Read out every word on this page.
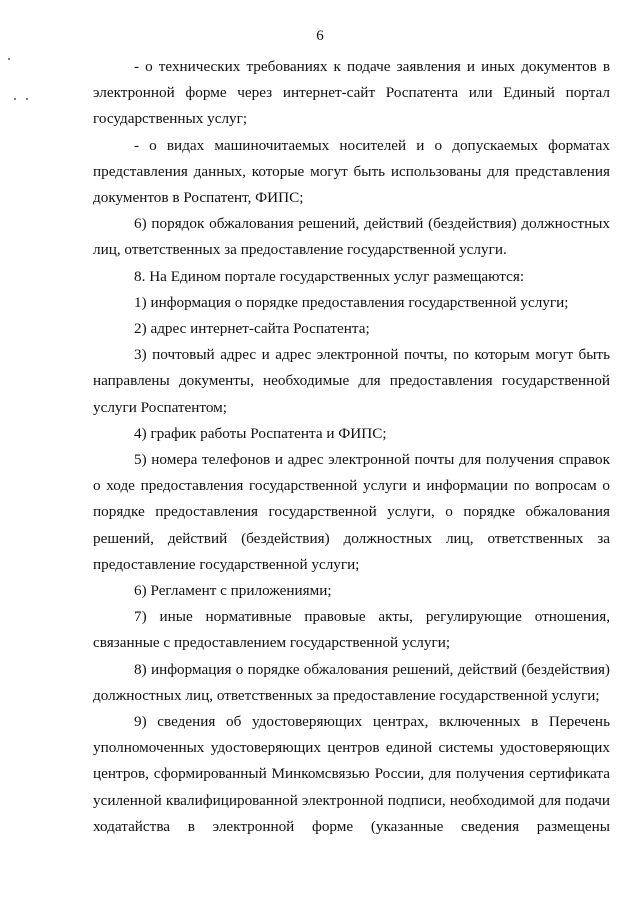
6

- о технических требованиях к подаче заявления и иных документов в электронной форме через интернет-сайт Роспатента или Единый портал государственных услуг;

- о видах машиночитаемых носителей и о допускаемых форматах представления данных, которые могут быть использованы для представления документов в Роспатент, ФИПС;

6) порядок обжалования решений, действий (бездействия) должностных лиц, ответственных за предоставление государственной услуги.

8. На Едином портале государственных услуг размещаются:

1) информация о порядке предоставления государственной услуги;

2) адрес интернет-сайта Роспатента;

3) почтовый адрес и адрес электронной почты, по которым могут быть направлены документы, необходимые для предоставления государственной услуги Роспатентом;

4) график работы Роспатента и ФИПС;

5) номера телефонов и адрес электронной почты для получения справок о ходе предоставления государственной услуги и информации по вопросам о порядке предоставления государственной услуги, о порядке обжалования решений, действий (бездействия) должностных лиц, ответственных за предоставление государственной услуги;

6) Регламент с приложениями;

7) иные нормативные правовые акты, регулирующие отношения, связанные с предоставлением государственной услуги;

8) информация о порядке обжалования решений, действий (бездействия) должностных лиц, ответственных за предоставление государственной услуги;

9) сведения об удостоверяющих центрах, включенных в Перечень уполномоченных удостоверяющих центров единой системы удостоверяющих центров, сформированный Минкомсвязью России, для получения сертификата усиленной квалифицированной электронной подписи, необходимой для подачи ходатайства в электронной форме (указанные сведения размещены
